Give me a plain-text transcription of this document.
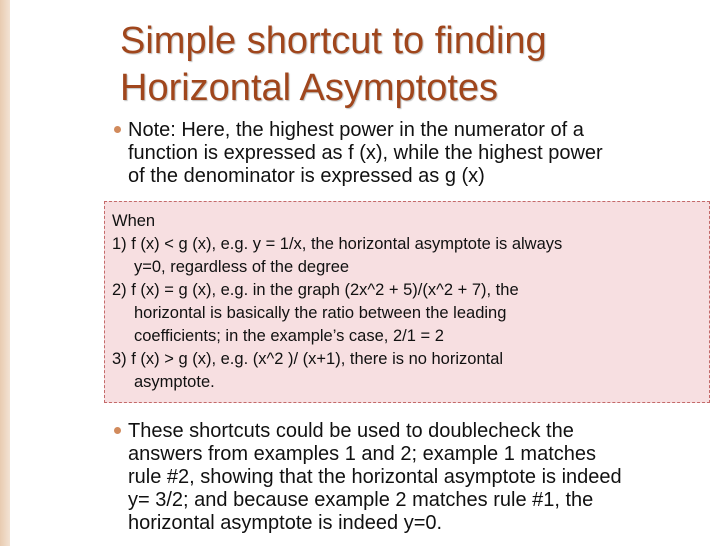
Simple shortcut to finding
Horizontal Asymptotes
Note: Here, the highest power in the numerator of a
function is expressed as f (x), while the highest power
of the denominator is expressed as g (x)
When
1) f (x) < g (x), e.g. y = 1/x, the horizontal asymptote is always
y=0, regardless of the degree
2) f (x) = g (x), e.g. in the graph (2x^2 + 5)/(x^2 + 7), the
horizontal is basically the ratio between the leading
coefficients; in the example’s case, 2/1 = 2
3) f (x) > g (x), e.g. (x^2 )/ (x+1), there is no horizontal
asymptote.
These shortcuts could be used to doublecheck the
answers from examples 1 and 2; example 1 matches
rule #2, showing that the horizontal asymptote is indeed
y= 3/2; and because example 2 matches rule #1, the
horizontal asymptote is indeed y=0.
